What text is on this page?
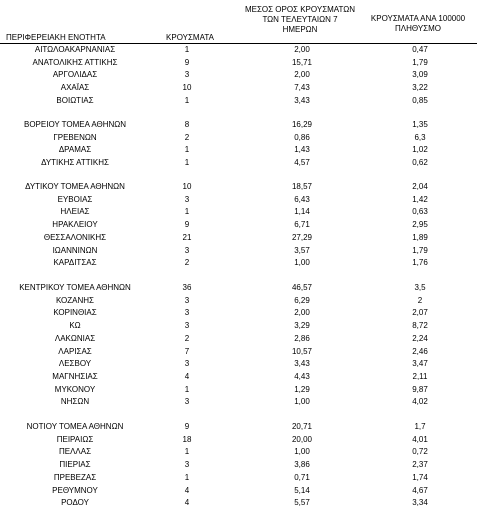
ΠΕΡΙΦΕΡΕΙΑΚΗ ΕΝΟΤΗΤΑ	ΚΡΟΥΣΜΑΤΑ
ΜΕΣΟΣ ΟΡΟΣ ΚΡΟΥΣΜΑΤΩΝ
ΤΩΝ ΤΕΛΕΥΤΑΙΩΝ 7
ΗΜΕΡΩΝ
ΚΡΟΥΣΜΑΤΑ ΑΝΑ 100000
ΠΛΗΘΥΣΜΟ
ΑΙΤΩΛΟΑΚΑΡΝΑΝΙΑΣ	1	2,00	0,47
ΑΝΑΤΟΛΙΚΗΣ ΑΤΤΙΚΗΣ	9	15,71	1,79
ΑΡΓΟΛΙΔΑΣ	3	2,00	3,09
ΑΧΑΪΑΣ	10	7,43	3,22
ΒΟΙΩΤΙΑΣ	1	3,43	0,85
ΒΟΡΕΙΟΥ ΤΟΜΕΑ ΑΘΗΝΩΝ	8	16,29	1,35
ΓΡΕΒΕΝΩΝ	2	0,86	6,3
ΔΡΑΜΑΣ	1	1,43	1,02
ΔΥΤΙΚΗΣ ΑΤΤΙΚΗΣ	1	4,57	0,62
ΔΥΤΙΚΟΥ ΤΟΜΕΑ ΑΘΗΝΩΝ	10	18,57	2,04
ΕΥΒΟΙΑΣ	3	6,43	1,42
ΗΛΕΙΑΣ	1	1,14	0,63
ΗΡΑΚΛΕΙΟΥ	9	6,71	2,95
ΘΕΣΣΑΛΟΝΙΚΗΣ	21	27,29	1,89
ΙΩΑΝΝΙΝΩΝ	3	3,57	1,79
ΚΑΡΔΙΤΣΑΣ	2	1,00	1,76
ΚΕΝΤΡΙΚΟΥ ΤΟΜΕΑ ΑΘΗΝΩΝ	36	46,57	3,5
ΚΟΖΑΝΗΣ	3	6,29	2
ΚΟΡΙΝΘΙΑΣ	3	2,00	2,07
ΚΩ	3	3,29	8,72
ΛΑΚΩΝΙΑΣ	2	2,86	2,24
ΛΑΡΙΣΑΣ	7	10,57	2,46
ΛΕΣΒΟΥ	3	3,43	3,47
ΜΑΓΝΗΣΙΑΣ	4	4,43	2,11
ΜΥΚΟΝΟΥ	1	1,29	9,87
ΝΗΣΩΝ	3	1,00	4,02
ΝΟΤΙΟΥ ΤΟΜΕΑ ΑΘΗΝΩΝ	9	20,71	1,7
ΠΕΙΡΑΙΩΣ	18	20,00	4,01
ΠΕΛΛΑΣ	1	1,00	0,72
ΠΙΕΡΙΑΣ	3	3,86	2,37
ΠΡΕΒΕΖΑΣ	1	0,71	1,74
ΡΕΘΥΜΝΟΥ	4	5,14	4,67
ΡΟΔΟΥ	4	5,57	3,34
